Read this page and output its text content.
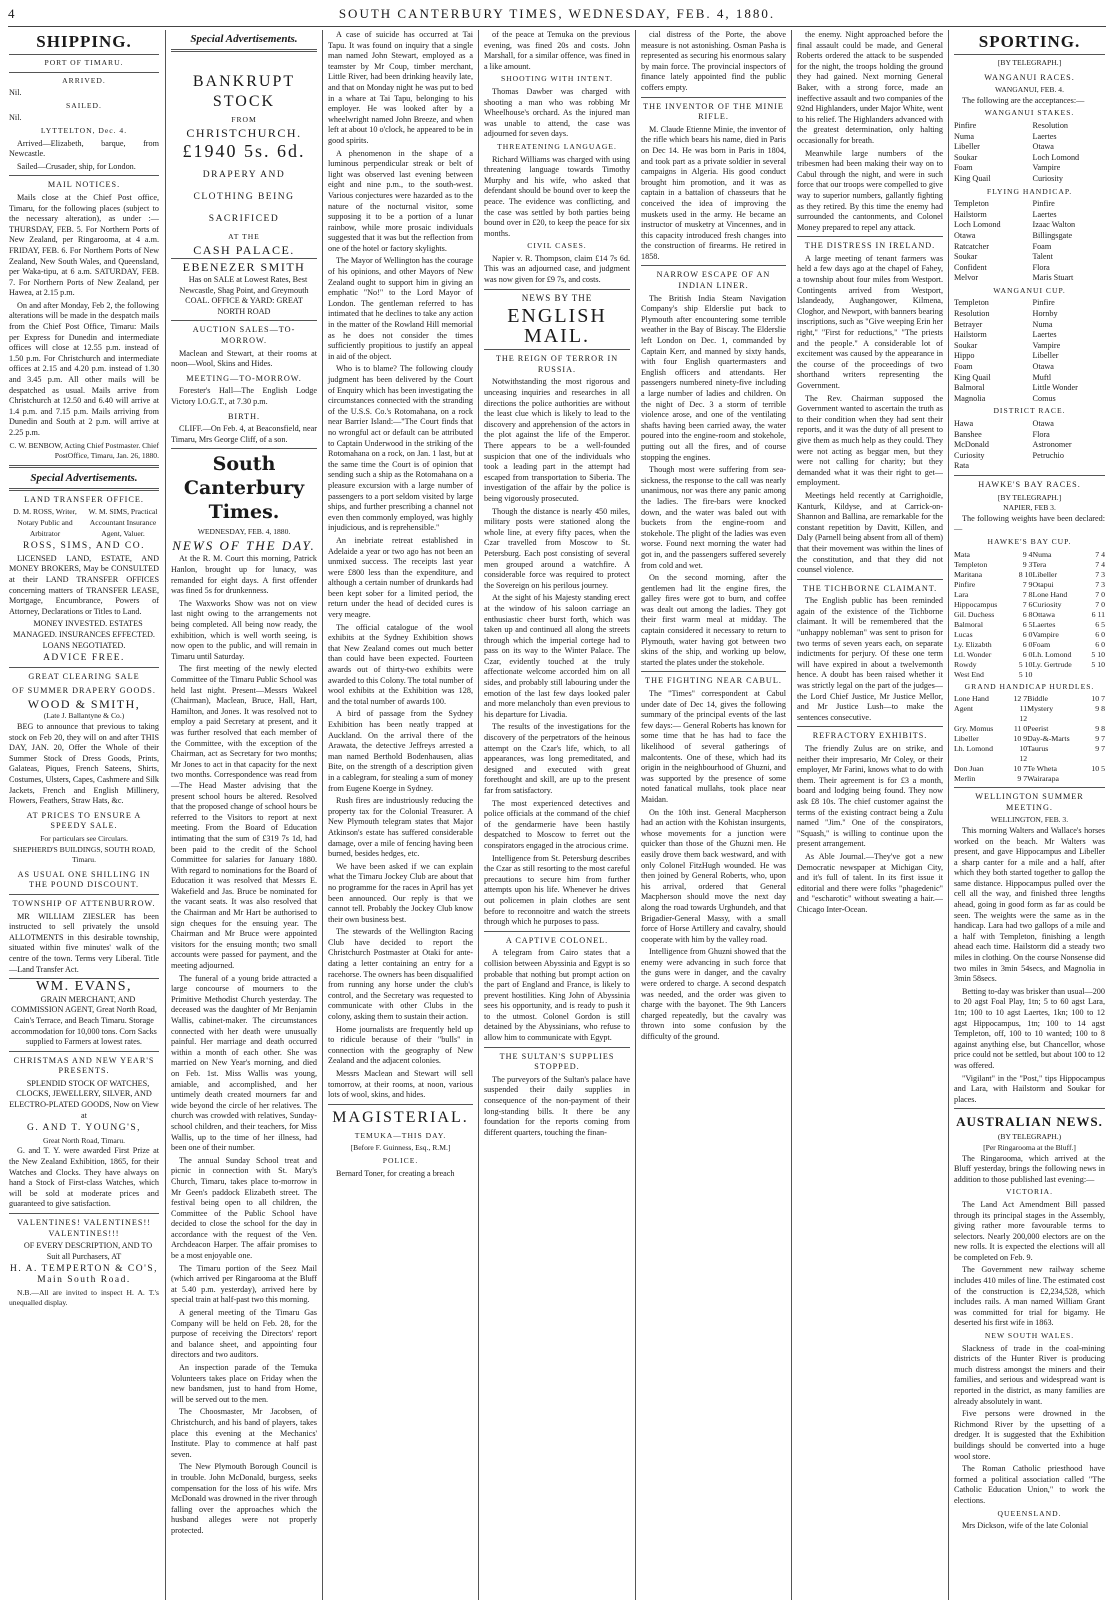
4	SOUTH CANTERBURY TIMES, WEDNESDAY, FEB. 4, 1880.
SHIPPING.
PORT OF TIMARU.
ARRIVED.
Nil.
SAILED.
Nil.
LYTTELTON, Dec. 4.
Arrived—Elizabeth, barque, from Newcastle.
Sailed—Crusader, ship, for London.
MAIL NOTICES.
Mails close at the Chief Post office, Timaru, for the following places (subject to the necessary alteration), as under :— THURSDAY, FEB. 5. For Northern Ports of New Zealand, per Ringarooma, at 4 a.m. FRIDAY, FEB. 6. For Northern Ports of New Zealand, New South Wales, and Queensland, per Waka-tipu, at 6 a.m. SATURDAY, FEB. 7. For Northern Ports of New Zealand, per Hawea, at 2.15 p.m.
On and after Monday, Feb 2, the following alterations will be made in the despatch mails from the Chief Post Office, Timaru: Mails per Express for Dunedin and intermediate offices will close at 12.55 p.m. instead of 1.50 p.m. For Christchurch and intermediate offices at 2.15 and 4.20 p.m. instead of 1.30 and 3.45 p.m. All other mails will be despatched as usual. Mails arrive from Christchurch at 12.50 and 6.40 will arrive at 1.4 p.m. and 7.15 p.m. Mails arriving from Dunedin and South at 2 p.m. will arrive at 2.25 p.m.
C. W. BENBOW, Acting Chief Postmaster. Chief PostOffice, Timaru, Jan. 26, 1880.
Special Advertisements.
LAND TRANSFER OFFICE.
D. M. ROSS, Writer, Notary Public and Arbitrator
W. M. SIMS, Practical Accountant Insurance Agent, Valuer.
ROSS, SIMS, AND CO.
LICENSED LAND, ESTATE, AND MONEY BROKERS, May be CONSULTED at their LAND TRANSFER OFFICES concerning matters of TRANSFER LEASE, Mortgage, Encumbrance, Powers of Attorney, Declarations or Titles to Land.
MONEY INVESTED. ESTATES MANAGED. INSURANCES EFFECTED. LOANS NEGOTIATED.
ADVICE FREE.
GREAT CLEARING SALE
OF SUMMER DRAPERY GOODS.
WOOD & SMITH,
(Late J. Ballantyne & Co.)
BEG to announce that previous to taking stock on Feb 20, they will on and after THIS DAY, JAN. 20, Offer the Whole of their Summer Stock of Dress Goods, Prints, Galateas, Piques, French Sateens, Shirts, Costumes, Ulsters, Capes, Cashmere and Silk Jackets, French and English Millinery, Flowers, Feathers, Straw Hats, &c.
AT PRICES TO ENSURE A SPEEDY SALE.
For particulars see Circulars.
SHEPHERD'S BUILDINGS, SOUTH ROAD, Timaru.
AS USUAL ONE SHILLING IN THE POUND DISCOUNT.
TOWNSHIP OF ATTENBURROW.
MR WILLIAM ZIESLER has been instructed to sell privately the unsold ALLOTMENTS in this desirable township, situated within five minutes' walk of the centre of the town. Terms very Liberal. Title—Land Transfer Act.
WM. EVANS,
GRAIN MERCHANT, AND COMMISSION AGENT, Great North Road, Cain's Terrace, and Beach Timaru. Storage accommodation for 10,000 tons. Corn Sacks supplied to Farmers at lowest rates.
CHRISTMAS AND NEW YEAR'S PRESENTS.
SPLENDID STOCK OF WATCHES, CLOCKS, JEWELLERY, SILVER, AND ELECTRO-PLATED GOODS, Now on View at
G. AND T. YOUNG'S,
Great North Road, Timaru.
G. and T. Y. were awarded First Prize at the New Zealand Exhibition, 1865, for their Watches and Clocks. They have always on hand a Stock of First-class Watches, which will be sold at moderate prices and guaranteed to give satisfaction.
VALENTINES! VALENTINES!! VALENTINES!!!
OF EVERY DESCRIPTION, AND TO Suit all Purchasers, AT
H. A. TEMPERTON & CO'S, Main South Road.
N.B.—All are invited to inspect H. A. T.'s unequalled display.
Special Advertisements.
BANKRUPT STOCK
FROM
CHRISTCHURCH.
£1940 5s. 6d.
DRAPERY AND CLOTHING BEING SACRIFICED
AT THE
CASH PALACE.
EBENEZER SMITH
Has on SALE at Lowest Rates, Best Newcastle, Shag Point, and Greymouth COAL. OFFICE & YARD: GREAT NORTH ROAD
AUCTION SALES—TO-MORROW.
Maclean and Stewart, at their rooms at noon—Wool, Skins and Hides.
MEETING—TO-MORROW.
Forester's Hall—The English Lodge Victory I.O.G.T., at 7.30 p.m.
BIRTH.
CLIFF.—On Feb. 4, at Beaconsfield, near Timaru, Mrs George Cliff, of a son.
South Canterbury Times.
WEDNESDAY, FEB. 4, 1880.
NEWS OF THE DAY.
At the R. M. Court this morning, Patrick Hanlon, brought up for lunacy, was remanded for eight days. A first offender was fined 5s for drunkenness.
The Waxworks Show was not on view last night owing to the arrangements not being completed. All being now ready, the exhibition, which is well worth seeing, is now open to the public, and will remain in Timaru until Saturday.
The first meeting of the newly elected Committee of the Timaru Public School was held last night. Present—Messrs Wakeel (Chairman), Maclean, Bruce, Hall, Hart, Hamilton, and Jones. It was resolved not to employ a paid Secretary at present, and it was further resolved that each member of the Committee, with the exception of the Chairman, act as Secretary for two months; Mr Jones to act in that capacity for the next two months. Correspondence was read from—The Head Master advising that the present school hours be altered. Resolved that the proposed change of school hours be referred to the Visitors to report at next meeting. From the Board of Education intimating that the sum of £319 7s 1d, had been paid to the credit of the School Committee for salaries for January 1880. With regard to nominations for the Board of Education it was resolved that Messrs E. Wakefield and Jas. Bruce be nominated for the vacant seats. It was also resolved that the Chairman and Mr Hart be authorised to sign cheques for the ensuing year. The Chairman and Mr Bruce were appointed visitors for the ensuing month; two small accounts were passed for payment, and the meeting adjourned.
The funeral of a young bride attracted a large concourse of mourners to the Primitive Methodist Church yesterday. The deceased was the daughter of Mr Benjamin Wallis, cabinet-maker. The circumstances connected with her death were unusually painful. Her marriage and death occurred within a month of each other. She was married on New Year's morning, and died on Feb. 1st. Miss Wallis was young, amiable, and accomplished, and her untimely death created mourners far and wide beyond the circle of her relatives. The church was crowded with relatives, Sunday-school children, and their teachers, for Miss Wallis, up to the time of her illness, had been one of their number.
The annual Sunday School treat and picnic in connection with St. Mary's Church, Timaru, takes place to-morrow in Mr Geen's paddock Elizabeth street. The festival being open to all children, the Committee of the Public School have decided to close the school for the day in accordance with the request of the Ven. Archdeacon Harper. The affair promises to be a most enjoyable one.
The Timaru portion of the Seez Mail (which arrived per Ringarooma at the Bluff at 5.40 p.m. yesterday), arrived here by special train at half-past two this morning.
A general meeting of the Timaru Gas Company will be held on Feb. 28, for the purpose of receiving the Directors' report and balance sheet, and appointing four directors and two auditors.
An inspection parade of the Temuka Volunteers takes place on Friday when the new bandsmen, just to hand from Home, will be served out to the men.
The Choosmaster, Mr Jacobsen, of Christchurch, and his band of players, takes place this evening at the Mechanics' Institute. Play to commence at half past seven.
The New Plymouth Borough Council is in trouble. John McDonald, burgess, seeks compensation for the loss of his wife. Mrs McDonald was drowned in the river through falling over the approaches which the husband alleges were not properly protected.
A case of suicide has occurred at Tai Tapu. It was found on inquiry that a single man named John Stewart, employed as a teamster by Mr Coup, timber merchant, Little River, had been drinking heavily late, and that on Monday night he was put to bed in a whare at Tai Tapu, belonging to his employer. He was looked after by a wheelwright named John Breeze, and when left at about 10 o'clock, he appeared to be in good spirits.
A phenomenon in the shape of a luminous perpendicular streak or belt of light was observed last evening between eight and nine p.m., to the south-west. Various conjectures were hazarded as to the nature of the nocturnal visitor, some supposing it to be a portion of a lunar rainbow, while more prosaic individuals suggested that it was but the reflection from one of the hotel or factory skylights.
The Mayor of Wellington has the courage of his opinions, and other Mayors of New Zealand ought to support him in giving an emphatic "No!" to the Lord Mayor of London. The gentleman referred to has intimated that he declines to take any action in the matter of the Rowland Hill memorial as he does not consider the times sufficiently propitious to justify an appeal in aid of the object.
Who is to blame? The following cloudy judgment has been delivered by the Court of Enquiry which has been investigating the circumstances connected with the stranding of the U.S.S. Co.'s Rotomahana, on a rock near Barrier Island:—"The Court finds that no wrongful act or default can be attributed to Captain Underwood in the striking of the Rotomahana on a rock, on Jan. 1 last, but at the same time the Court is of opinion that sending such a ship as the Rotomahana on a pleasure excursion with a large number of passengers to a port seldom visited by large ships, and further prescribing a channel not even then commonly employed, was highly injudicious, and is reprehensible."
An inebriate retreat established in Adelaide a year or two ago has not been an unmixed success. The receipts last year were £800 less than the expenditure, and although a certain number of drunkards had been kept sober for a limited period, the return under the head of decided cures is very meagre.
The official catalogue of the wool exhibits at the Sydney Exhibition shows that New Zealand comes out much better than could have been expected. Fourteen awards out of thirty-two exhibits were awarded to this Colony. The total number of wool exhibits at the Exhibition was 128, and the total number of awards 100.
A bird of passage from the Sydney Exhibition has been neatly trapped at Auckland. On the arrival there of the Arawata, the detective Jeffreys arrested a man named Berthold Bodenhausen, alias Bite, on the strength of a description given in a cablegram, for stealing a sum of money from Eugene Koerge in Sydney.
Rush fires are industriously reducing the property tax for the Colonial Treasurer. A New Plymouth telegram states that Major Atkinson's estate has suffered considerable damage, over a mile of fencing having been burned, besides hedges, etc.
We have been asked if we can explain what the Timaru Jockey Club are about that no programme for the races in April has yet been announced. Our reply is that we cannot tell. Probably the Jockey Club know their own business best.
The stewards of the Wellington Racing Club have decided to report the Christchurch Postmaster at Otaki for ante-dating a letter containing an entry for a racehorse. The owners has been disqualified from running any horse under the club's control, and the Secretary was requested to communicate with other Clubs in the colony, asking them to sustain their action.
Home journalists are frequently held up to ridicule because of their "bulls" in connection with the geography of New Zealand and the adjacent colonies.
Messrs Maclean and Stewart will sell tomorrow, at their rooms, at noon, various lots of wool, skins, and hides.
MAGISTERIAL.
TEMUKA—THIS DAY.
[Before F. Guinness, Esq., R.M.]
POLICE.
Bernard Toner, for creating a breach
of the peace at Temuka on the previous evening, was fined 20s and costs. John Marshall, for a similar offence, was fined in a like amount.
SHOOTING WITH INTENT.
Thomas Dawber was charged with shooting a man who was robbing Mr Wheelhouse's orchard. As the injured man was unable to attend, the case was adjourned for seven days.
THREATENING LANGUAGE.
Richard Williams was charged with using threatening language towards Timothy Murphy and his wife, who asked that defendant should be bound over to keep the peace. The evidence was conflicting, and the case was settled by both parties being bound over in £20, to keep the peace for six months.
CIVIL CASES.
Napier v. R. Thompson, claim £14 7s 6d. This was an adjourned case, and judgment was now given for £9 7s, and costs.
NEWS BY THE
ENGLISH MAIL.
THE REIGN OF TERROR IN RUSSIA.
Notwithstanding the most rigorous and unceasing inquiries and researches in all directions the police authorities are without the least clue which is likely to lead to the discovery and apprehension of the actors in the plot against the life of the Emperor. There appears to be a well-founded suspicion that one of the individuals who took a leading part in the attempt had escaped from transportation to Siberia. The investigation of the affair by the police is being vigorously prosecuted.
Though the distance is nearly 450 miles, military posts were stationed along the whole line, at every fifty paces, when the Czar travelled from Moscow to St. Petersburg. Each post consisting of several men grouped around a watchfire. A considerable force was required to protect the Sovereign on his perilous journey.
At the sight of his Majesty standing erect at the window of his saloon carriage an enthusiastic cheer burst forth, which was taken up and continued all along the streets through which the imperial cortege had to pass on its way to the Winter Palace. The Czar, evidently touched at the truly affectionate welcome accorded him on all sides, and probably still labouring under the emotion of the last few days looked paler and more melancholy than even previous to his departure for Livadia.
The results of the investigations for the discovery of the perpetrators of the heinous attempt on the Czar's life, which, to all appearances, was long premeditated, and designed and executed with great forethought and skill, are up to the present far from satisfactory.
The most experienced detectives and police officials at the command of the chief of the gendarmerie have been hastily despatched to Moscow to ferret out the conspirators engaged in the atrocious crime.
Intelligence from St. Petersburg describes the Czar as still resorting to the most careful precautions to secure him from further attempts upon his life. Whenever he drives out policemen in plain clothes are sent before to reconnoitre and watch the streets through which he purposes to pass.
A CAPTIVE COLONEL.
A telegram from Cairo states that a collision between Abyssinia and Egypt is so probable that nothing but prompt action on the part of England and France, is likely to prevent hostilities. King John of Abyssinia sees his opportunity, and is ready to push it to the utmost. Colonel Gordon is still detained by the Abyssinians, who refuse to allow him to communicate with Egypt.
THE SULTAN'S SUPPLIES STOPPED.
The purveyors of the Sultan's palace have suspended their daily supplies in consequence of the non-payment of their long-standing bills. It there be any foundation for the reports coming from different quarters, touching the finan-
cial distress of the Porte, the above measure is not astonishing. Osman Pasha is represented as securing his enormous salary by main force. The provincial inspectors of finance lately appointed find the public coffers empty.
THE INVENTOR OF THE MINIE RIFLE.
M. Claude Etienne Minie, the inventor of the rifle which bears his name, died in Paris on Dec 14. He was born in Paris in 1804, and took part as a private soldier in several campaigns in Algeria. His good conduct brought him promotion, and it was as captain in a battalion of chasseurs that he conceived the idea of improving the muskets used in the army. He became an instructor of musketry at Vincennes, and in this capacity introduced fresh changes into the construction of firearms. He retired in 1858.
NARROW ESCAPE OF AN INDIAN LINER.
The British India Steam Navigation Company's ship Elderslie put back to Plymouth after encountering some terrible weather in the Bay of Biscay. The Elderslie left London on Dec. 1, commanded by Captain Kerr, and manned by sixty hands, with four English quartermasters and English officers and attendants. Her passengers numbered ninety-five including a large number of ladies and children. On the night of Dec. 3 a storm of terrible violence arose, and one of the ventilating shafts having been carried away, the water poured into the engine-room and stokehole, putting out all the fires, and of course stopping the engines.
Though most were suffering from sea-sickness, the response to the call was nearly unanimous, nor was there any panic among the ladies. The fire-bars were knocked down, and the water was baled out with buckets from the engine-room and stokehole. The plight of the ladies was even worse. Found next morning the water had got in, and the passengers suffered severely from cold and wet.
On the second morning, after the gentlemen had lit the engine fires, the galley fires were got to burn, and coffee was dealt out among the ladies. They got their first warm meal at midday. The captain considered it necessary to return to Plymouth, water having got between two skins of the ship, and working up below, started the plates under the stokehole.
THE FIGHTING NEAR CABUL.
The "Times" correspondent at Cabul under date of Dec 14, gives the following summary of the principal events of the last few days:— General Roberts has known for some time that he has had to face the likelihood of several gatherings of malcontents. One of these, which had its origin in the neighbourhood of Ghuzni, and was supported by the presence of some noted fanatical mullahs, took place near Maidan.
On the 10th inst. General Macpherson had an action with the Kohistan insurgents, whose movements for a junction were quicker than those of the Ghuzni men. He easily drove them back westward, and with only Colonel FitzHugh wounded. He was then joined by General Roberts, who, upon his arrival, ordered that General Macpherson should move the next day along the road towards Urghundeh, and that Brigadier-General Massy, with a small force of Horse Artillery and cavalry, should cooperate with him by the valley road.
Intelligence from Ghuzni showed that the enemy were advancing in such force that the guns were in danger, and the cavalry were ordered to charge. A second despatch was needed, and the order was given to charge with the bayonet. The 9th Lancers charged repeatedly, but the cavalry was thrown into some confusion by the difficulty of the ground.
the enemy. Night approached before the final assault could be made, and General Roberts ordered the attack to be suspended for the night, the troops holding the ground they had gained. Next morning General Baker, with a strong force, made an ineffective assault and two companies of the 92nd Highlanders, under Major White, went to his relief. The Highlanders advanced with the greatest determination, only halting occasionally for breath.
Meanwhile large numbers of the tribesmen had been making their way on to Cabul through the night, and were in such force that our troops were compelled to give way to superior numbers, gallantly fighting as they retired. By this time the enemy had surrounded the cantonments, and Colonel Money prepared to repel any attack.
THE DISTRESS IN IRELAND.
A large meeting of tenant farmers was held a few days ago at the chapel of Fahey, a township about four miles from Westport. Contingents arrived from Westport, Islandeady, Aughangower, Kilmena, Cloghor, and Newport, with banners bearing inscriptions, such as "Give weeping Erin her right," "First for reductions," "The priests and the people." A considerable lot of excitement was caused by the appearance in the course of the proceedings of two shorthand writers representing the Government.
The Rev. Chairman supposed the Government wanted to ascertain the truth as to their condition when they had sent their reports, and it was the duty of all present to give them as much help as they could. They were not acting as beggar men, but they were not calling for charity; but they demanded what it was their right to get—employment.
Meetings held recently at Carrighoidle, Kanturk, Kildyse, and at Carrick-on-Shannon and Ballina, are remarkable for the constant repetition by Davitt, Killen, and Daly (Parnell being absent from all of them) that their movement was within the lines of the constitution, and that they did not counsel violence.
THE TICHBORNE CLAIMANT.
The English public has been reminded again of the existence of the Tichborne claimant. It will be remembered that the "unhappy nobleman" was sent to prison for two terms of seven years each, on separate indictments for perjury. Of these one term will have expired in about a twelvemonth hence. A doubt has been raised whether it was strictly legal on the part of the judges—the Lord Chief Justice, Mr Justice Mellor, and Mr Justice Lush—to make the sentences consecutive.
REFRACTORY EXHIBITS.
The friendly Zulus are on strike, and neither their impresario, Mr Coley, or their employer, Mr Farini, knows what to do with them. Their agreement is for £3 a month, board and lodging being found. They now ask £8 10s. The chief customer against the terms of the existing contract being a Zulu named "Jim." One of the conspirators, "Squash," is willing to continue upon the present arrangement.
As Able Journal.—They've got a new Democratic newspaper at Michigan City, and it's full of talent. In its first issue it editorial and there were folks "phagedenic" and "escharotic" without sweating a hair.—Chicago Inter-Ocean.
SPORTING.
[BY TELEGRAPH.]
WANGANUI RACES.
WANGANUI, FEB. 4.
The following are the acceptances:—
WANGANUI STAKES.
Pinfire
Numa
Libeller
Soukar
Foam
King Quail
Resolution
Laertes
Otawa
Loch Lomond
Vampire
Curiosity
FLYING HANDICAP.
Templeton
Hailstorm
Loch Lomond
Otawa
Ratcatcher
Soukar
Confident
Melvor
Pinfire
Laertes
Izaac Walton
Billingsgate
Foam
Talent
Flora
Maris Stuart
WANGANUI CUP.
Templeton
Resolution
Betrayer
Hailstorm
Soukar
Hippo
Foam
King Quail
Balmoral
Magnolia
Pinfire
Hornby
Numa
Laertes
Vampire
Libeller
Otawa
Muftl
Little Wonder
Comus
DISTRICT RACE.
Hawa
Banshee
McDonald
Curiosity
Rata
Otawa
Flora
Astronomer
Petruchio
HAWKE'S BAY RACES.
[BY TELEGRAPH.]
NAPIER, FEB 3.
The following weights have been declared:—
HAWKE'S BAY CUP.
Mata	9 4	Numa	7 4
Templeton	9 3	Tera	7 4
Maritana	8 10	Libeller	7 3
Pinfire	7 9	Otapui	7 3
Lara	7 8	Lone Hand	7 0
Hippocampus	7 6	Curiosity	7 0
Gil. Duchess	6 8	Ottawa	6 11
Balmoral	6 5	Laertes	6 5
Lucas	6 0	Vampire	6 0
Ly. Elizabth	6 0	Foam	6 0
Ltl. Wonder	6 0	Lh. Lomond	5 10
Rowdy	5 10	Ly. Gertrude	5 10
West End	5 10		
GRAND HANDICAP HURDLES.
Lone Hand	12 7	Biddle	10 7
Agent	11 12	Mystery	9 8
Gry. Momus	11 0	Peerist	9 8
Libeller	10 9	Day-&-Marts	9 7
Lh. Lomond	10 12	Taurus	9 7
Don Juan	10 7	Te Wheta	10 5
Merlin	9 7	Wairarapa	
WELLINGTON SUMMER MEETING.
WELLINGTON, FEB. 3.
This morning Walters and Wallace's horses worked on the beach. Mr Walters was present, and gave Hippocampus and Libeller a sharp canter for a mile and a half, after which they both started together to gallop the same distance. Hippocampus pulled over the cell all the way, and finished three lengths ahead, going in good form as far as could be seen. The weights were the same as in the handicap. Lara had two gallops of a mile and a half with Templeton, finishing a length ahead each time. Hailstorm did a steady two miles in clothing. On the course Nonsense did two miles in 3min 54secs, and Magnolia in 3min 58secs.
Betting to-day was brisker than usual—200 to 20 agst Foal Play, 1tn; 5 to 60 agst Lara, 1tn; 100 to 10 agst Laertes, 1kn; 100 to 12 agst Hippocampus, 1tn; 100 to 14 agst Templeton, off, 100 to 10 wanted; 100 to 8 against anything else, but Chancellor, whose price could not be settled, but about 100 to 12 was offered.
"Vigilant" in the "Post," tips Hippocampus and Lara, with Hailstorm and Soukar for places.
AUSTRALIAN NEWS.
(BY TELEGRAPH.)
[Per Ringarooma at the Bluff.]
The Ringarooma, which arrived at the Bluff yesterday, brings the following news in addition to those published last evening:—
VICTORIA.
The Land Act Amendment Bill passed through its principal stages in the Assembly, giving rather more favourable terms to selectors. Nearly 200,000 electors are on the new rolls. It is expected the elections will all be completed on Feb. 9.
The Government new railway scheme includes 410 miles of line. The estimated cost of the construction is £2,234,528, which includes rails. A man named William Grant was committed for trial for bigamy. He deserted his first wife in 1863.
NEW SOUTH WALES.
Slackness of trade in the coal-mining districts of the Hunter River is producing much distress amongst the miners and their families, and serious and widespread want is reported in the district, as many families are already absolutely in want.
Five persons were drowned in the Richmond River by the upsetting of a dredger. It is suggested that the Exhibition buildings should be converted into a huge wool store.
The Roman Catholic priesthood have formed a political association called "The Catholic Education Union," to work the elections.
QUEENSLAND.
Mrs Dickson, wife of the late Colonial
